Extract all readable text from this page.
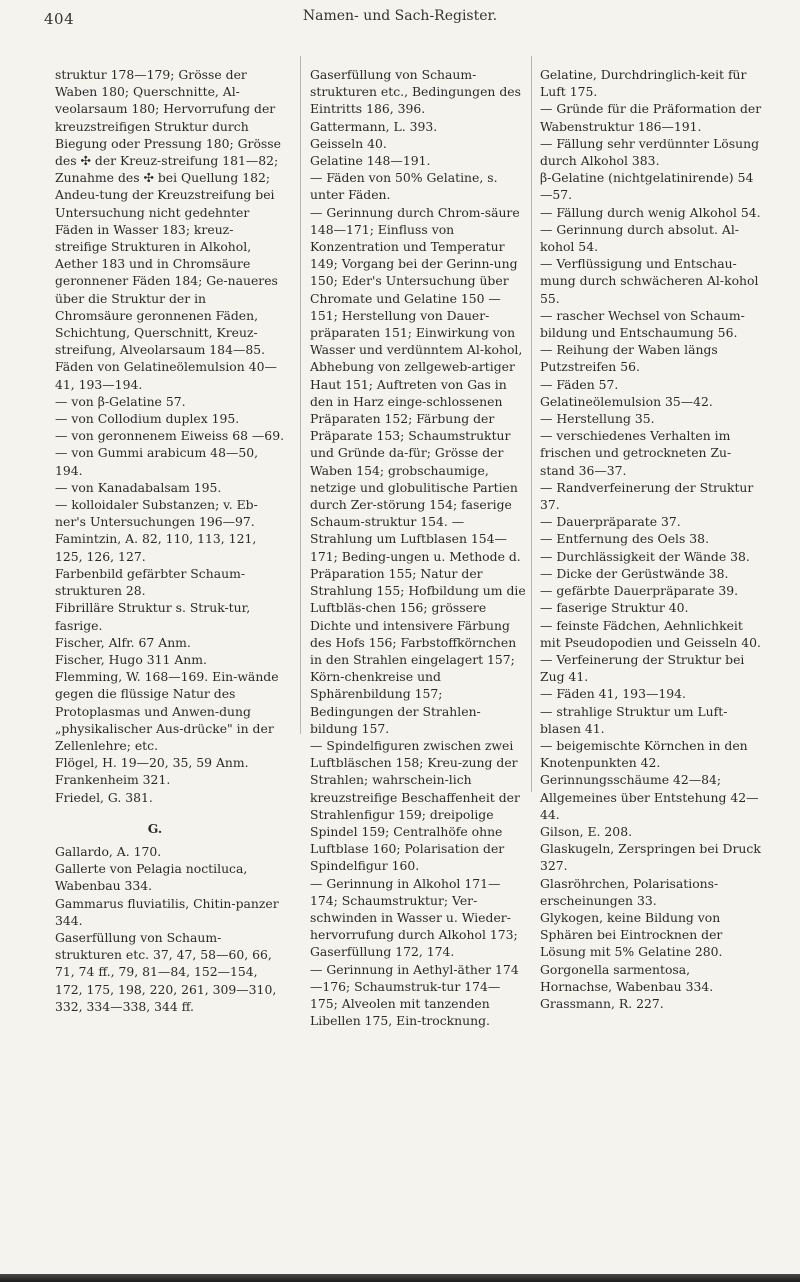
404	Namen- und Sach-Register.

struktur 178—179; Grösse der Waben 180; Querschnitte, Al-veolarsaum 180; Hervorrufung der kreuzstreifigen Struktur durch Biegung oder Pressung 180; Grösse des ✣ der Kreuz-streifung 181—82; Zunahme des ✣ bei Quellung 182; Andeu-tung der Kreuzstreifung bei Untersuchung nicht gedehnter Fäden in Wasser 183; kreuz-streifige Strukturen in Alkohol, Aether 183 und in Chromsäure geronnener Fäden 184; Ge-naueres über die Struktur der in Chromsäure geronnenen Fäden, Schichtung, Querschnitt, Kreuz-streifung, Alveolarsaum 184—85.

Fäden von Gelatineölemulsion 40—41, 193—194.

— von β-Gelatine 57.

— von Collodium duplex 195.

— von geronnenem Eiweiss 68 —69.

— von Gummi arabicum 48—50, 194.

— von Kanadabalsam 195.

— kolloidaler Substanzen; v. Eb-ner's Untersuchungen 196—97.

Famintzin, A. 82, 110, 113, 121, 125, 126, 127.

Farbenbild gefärbter Schaum-strukturen 28.

Fibrilläre Struktur s. Struk-tur, fasrige.

Fischer, Alfr. 67 Anm.

Fischer, Hugo 311 Anm.

Flemming, W. 168—169. Ein-wände gegen die flüssige Natur des Protoplasmas und Anwen-dung „physikalischer Aus-drücke" in der Zellenlehre; etc.

Flögel, H. 19—20, 35, 59 Anm.

Frankenheim 321.

Friedel, G. 381.

G.

Gallardo, A. 170.

Gallerte von Pelagia noctiluca, Wabenbau 334.

Gammarus fluviatilis, Chitin-panzer 344.

Gaserfüllung von Schaum-strukturen etc. 37, 47, 58—60, 66, 71, 74 ff., 79, 81—84, 152—154, 172, 175, 198, 220, 261, 309—310, 332, 334—338, 344 ff.

Gaserfüllung von Schaum-strukturen etc., Bedingungen des Eintritts 186, 396.

Gattermann, L. 393.

Geisseln 40.

Gelatine 148—191.

— Fäden von 50% Gelatine, s. unter Fäden.

— Gerinnung durch Chrom-säure 148—171; Einfluss von Konzentration und Temperatur 149; Vorgang bei der Gerinn-ung 150; Eder's Untersuchung über Chromate und Gelatine 150 —151; Herstellung von Dauer-präparaten 151; Einwirkung von Wasser und verdünntem Al-kohol, Abhebung von zellgeweb-artiger Haut 151; Auftreten von Gas in den in Harz einge-schlossenen Präparaten 152; Färbung der Präparate 153; Schaumstruktur und Gründe da-für; Grösse der Waben 154; grobschaumige, netzige und globulitische Partien durch Zer-störung 154; faserige Schaum-struktur 154. — Strahlung um Luftblasen 154—171; Beding-ungen u. Methode d. Präparation 155; Natur der Strahlung 155; Hofbildung um die Luftbläs-chen 156; grössere Dichte und intensivere Färbung des Hofs 156; Farbstoffkörnchen in den Strahlen eingelagert 157; Körn-chenkreise und Sphärenbildung 157; Bedingungen der Strahlen-bildung 157.

— Spindelfiguren zwischen zwei Luftbläschen 158; Kreu-zung der Strahlen; wahrschein-lich kreuzstreifige Beschaffenheit der Strahlenfigur 159; dreipolige Spindel 159; Centralhöfe ohne Luftblase 160; Polarisation der Spindelfigur 160.

— Gerinnung in Alkohol 171—174; Schaumstruktur; Ver-schwinden in Wasser u. Wieder-hervorrufung durch Alkohol 173; Gaserfüllung 172, 174.

— Gerinnung in Aethyl-äther 174—176; Schaumstruk-tur 174—175; Alveolen mit tanzenden Libellen 175, Ein-trocknung.

Gelatine, Durchdringlich-keit für Luft 175.

— Gründe für die Präformation der Wabenstruktur 186—191.

— Fällung sehr verdünnter Lösung durch Alkohol 383.

β-Gelatine (nichtgelatinirende) 54—57.

— Fällung durch wenig Alkohol 54.

— Gerinnung durch absolut. Al-kohol 54.

— Verflüssigung und Entschau-mung durch schwächeren Al-kohol 55.

— rascher Wechsel von Schaum-bildung und Entschaumung 56.

— Reihung der Waben längs Putzstreifen 56.

— Fäden 57.

Gelatineölemulsion 35—42.

— Herstellung 35.

— verschiedenes Verhalten im frischen und getrockneten Zu-stand 36—37.

— Randverfeinerung der Struktur 37.

— Dauerpräparate 37.

— Entfernung des Oels 38.

— Durchlässigkeit der Wände 38.

— Dicke der Gerüstwände 38.

— gefärbte Dauerpräparate 39.

— faserige Struktur 40.

— feinste Fädchen, Aehnlichkeit mit Pseudopodien und Geisseln 40.

— Verfeinerung der Struktur bei Zug 41.

— Fäden 41, 193—194.

— strahlige Struktur um Luft-blasen 41.

— beigemischte Körnchen in den Knotenpunkten 42.

Gerinnungsschäume 42—84; Allgemeines über Entstehung 42—44.

Gilson, E. 208.

Glaskugeln, Zerspringen bei Druck 327.

Glasröhrchen, Polarisations-erscheinungen 33.

Glykogen, keine Bildung von Sphären bei Eintrocknen der Lösung mit 5% Gelatine 280.

Gorgonella sarmentosa, Hornachse, Wabenbau 334.

Grassmann, R. 227.
